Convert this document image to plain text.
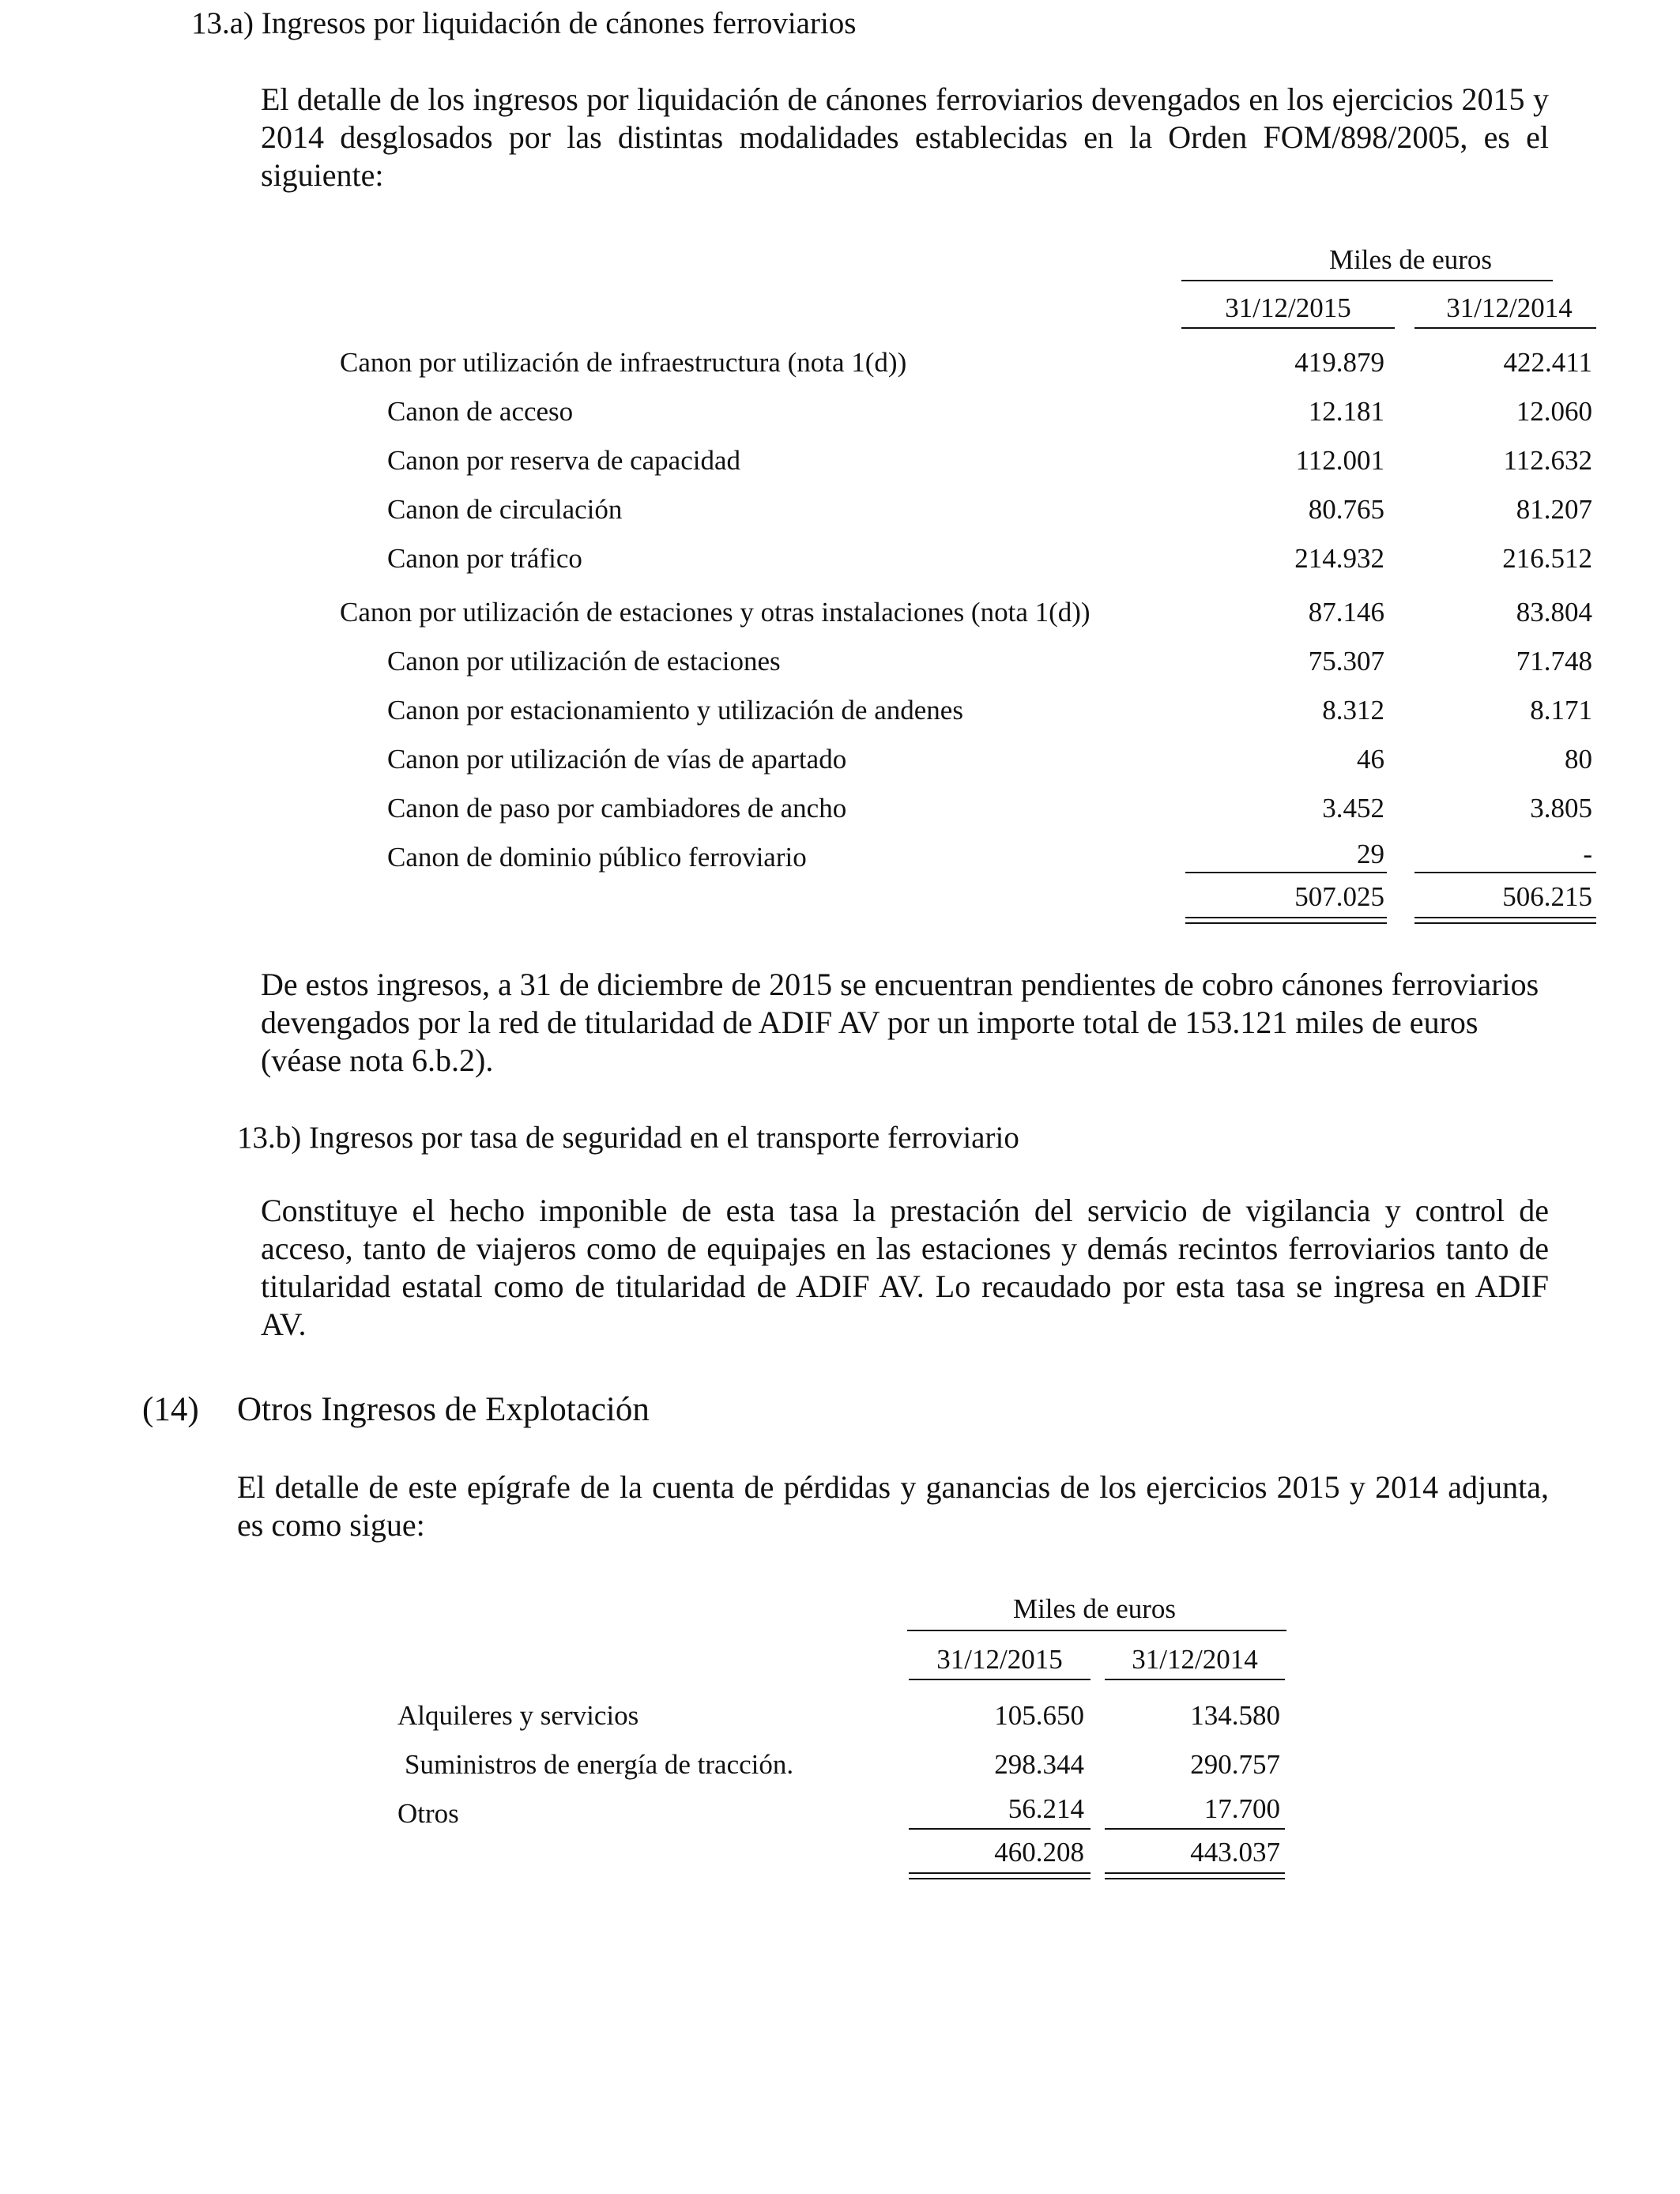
13.a) Ingresos por liquidación de cánones ferroviarios
El detalle de los ingresos por liquidación de cánones ferroviarios devengados en los ejercicios 2015 y 2014 desglosados por las distintas modalidades establecidas en la Orden FOM/898/2005, es el siguiente:
Miles de euros
31/12/2015	31/12/2014
Canon por utilización de infraestructura (nota 1(d))	419.879	422.411
Canon de acceso	12.181	12.060
Canon por reserva de capacidad	112.001	112.632
Canon de circulación	80.765	81.207
Canon por tráfico	214.932	216.512
Canon por utilización de estaciones y otras instalaciones (nota 1(d))	87.146	83.804
Canon por utilización de estaciones	75.307	71.748
Canon por estacionamiento y utilización de andenes	8.312	8.171
Canon por utilización de vías de apartado	46	80
Canon de paso por cambiadores de ancho	3.452	3.805
Canon de dominio público ferroviario	29	-
507.025	506.215
De estos ingresos, a 31 de diciembre de 2015 se encuentran pendientes de cobro cánones ferroviarios devengados por la red de titularidad de ADIF AV por un importe total de 153.121 miles de euros (véase nota 6.b.2).
13.b) Ingresos por tasa de seguridad en el transporte ferroviario
Constituye el hecho imponible de esta tasa la prestación del servicio de vigilancia y control de acceso, tanto de viajeros como de equipajes en las estaciones y demás recintos ferroviarios tanto de titularidad estatal como de titularidad de ADIF AV. Lo recaudado por esta tasa se ingresa en ADIF AV.
(14) Otros Ingresos de Explotación
El detalle de este epígrafe de la cuenta de pérdidas y ganancias de los ejercicios 2015 y 2014 adjunta, es como sigue:
Miles de euros
31/12/2015	31/12/2014
Alquileres y servicios	105.650	134.580
Suministros de energía de tracción.	298.344	290.757
Otros	56.214	17.700
460.208	443.037
